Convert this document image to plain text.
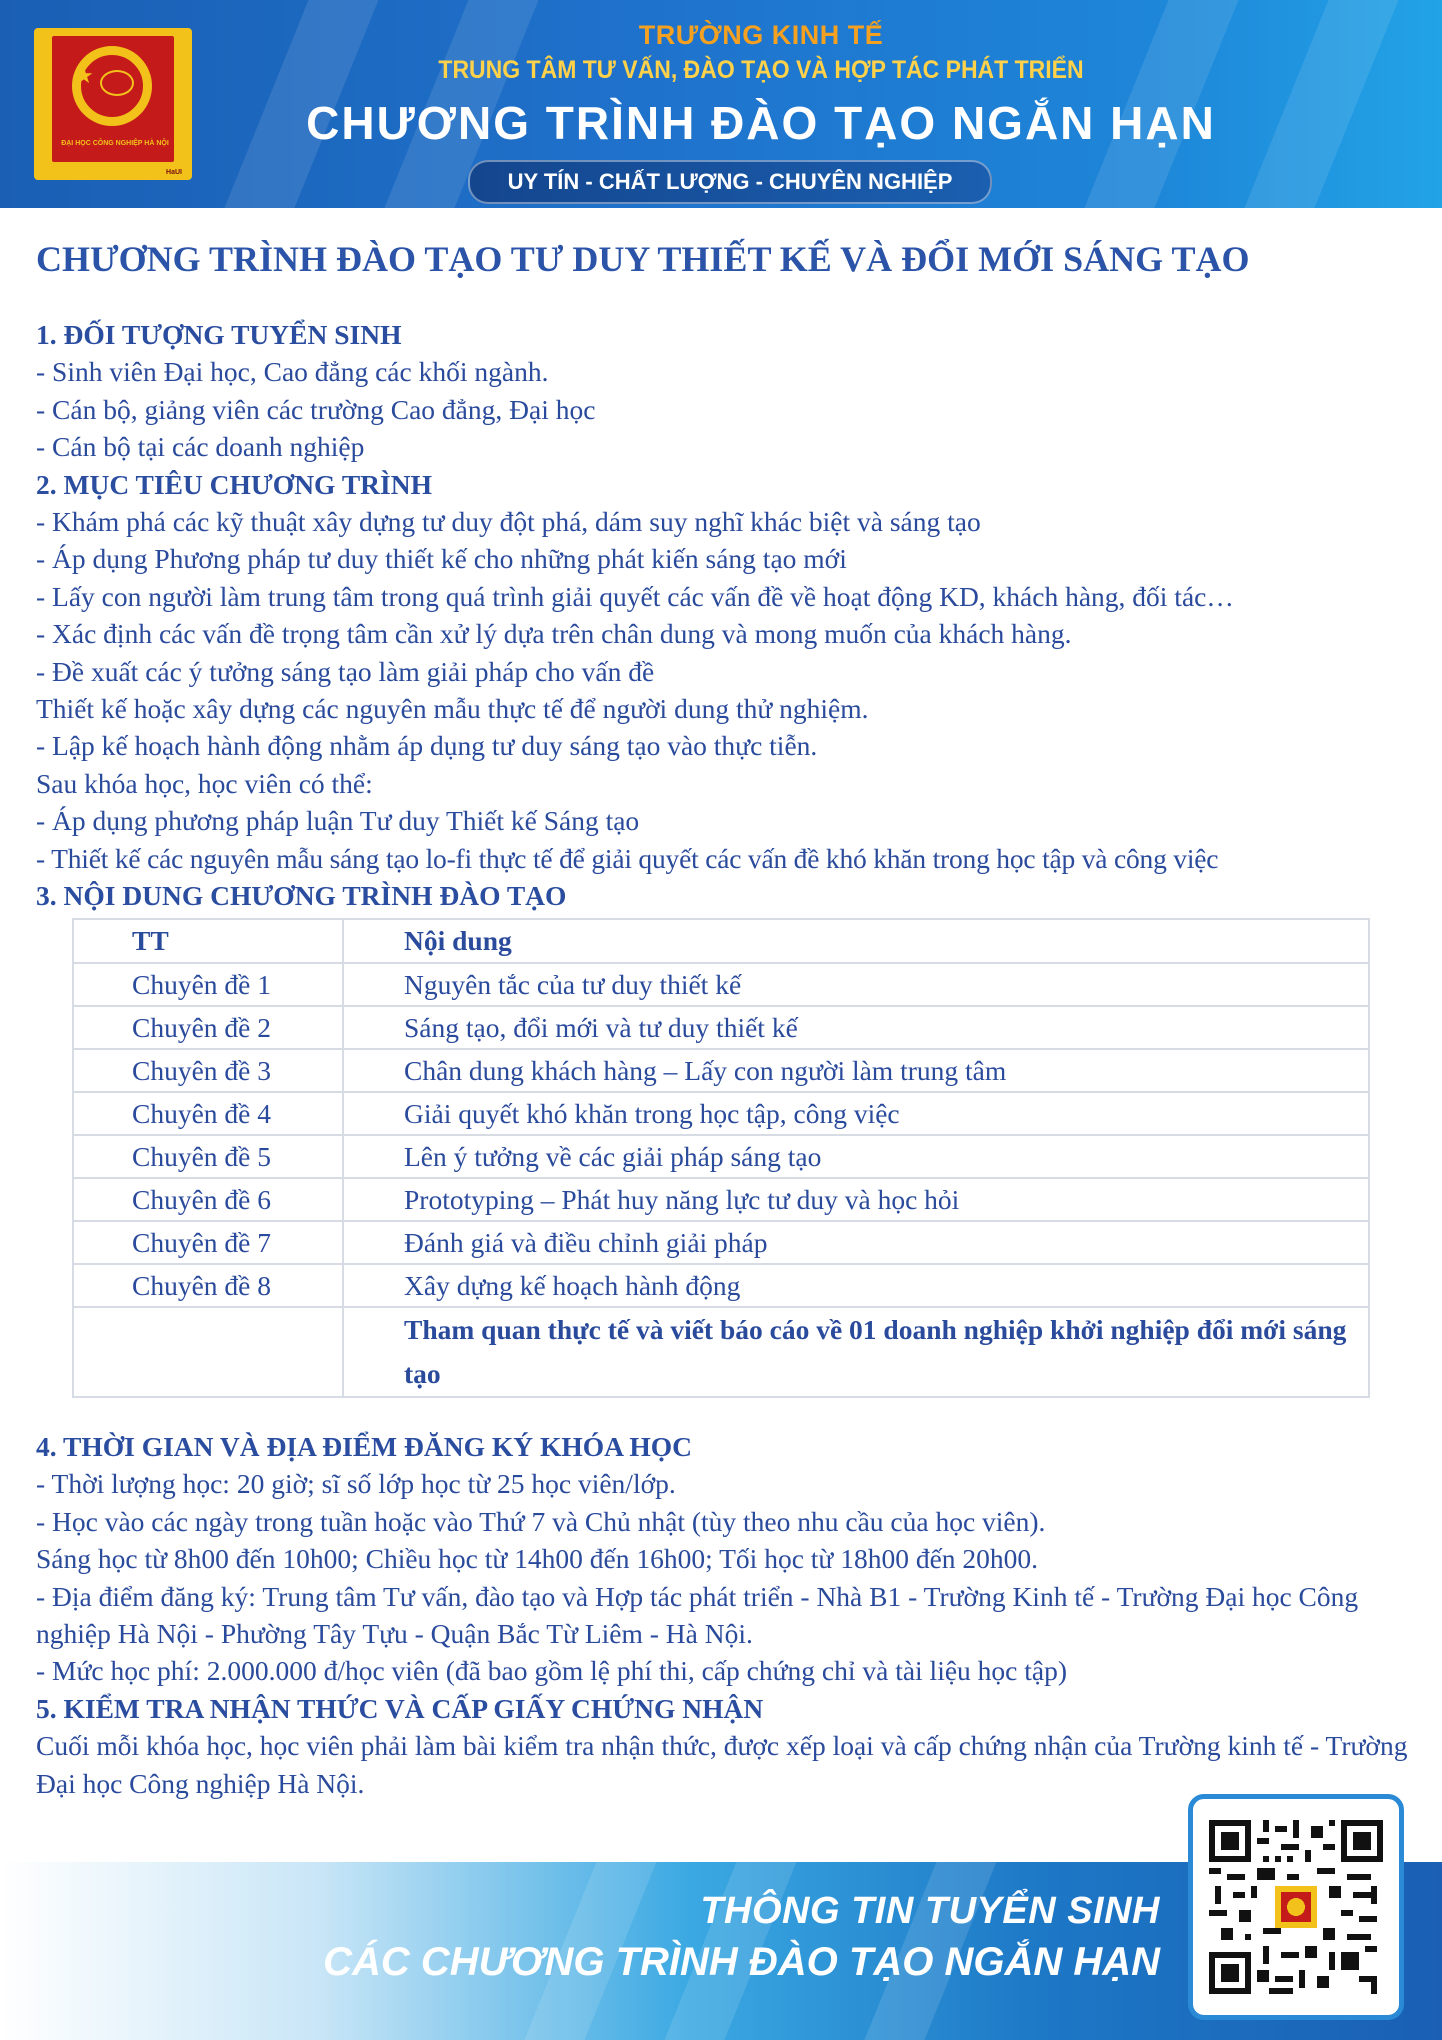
★
ĐẠI HỌC CÔNG NGHIỆP HÀ NỘI
HaUI
TRƯỜNG KINH TẾ
TRUNG TÂM TƯ VẤN, ĐÀO TẠO VÀ HỢP TÁC PHÁT TRIỂN
CHƯƠNG TRÌNH ĐÀO TẠO NGẮN HẠN
UY TÍN - CHẤT LƯỢNG - CHUYÊN NGHIỆP
CHƯƠNG TRÌNH ĐÀO TẠO TƯ DUY THIẾT KẾ VÀ ĐỔI MỚI SÁNG TẠO
1. ĐỐI TƯỢNG TUYỂN SINH
- Sinh viên Đại học, Cao đẳng các khối ngành.
- Cán bộ, giảng viên các trường Cao đẳng, Đại học
- Cán bộ tại các doanh nghiệp
2. MỤC TIÊU CHƯƠNG TRÌNH
- Khám phá các kỹ thuật xây dựng tư duy đột phá, dám suy nghĩ khác biệt và sáng tạo
- Áp dụng Phương pháp tư duy thiết kế cho những phát kiến sáng tạo mới
- Lấy con người làm trung tâm trong quá trình giải quyết các vấn đề về hoạt động KD, khách hàng, đối tác…
- Xác định các vấn đề trọng tâm cần xử lý dựa trên chân dung và mong muốn của khách hàng.
- Đề xuất các ý tưởng sáng tạo làm giải pháp cho vấn đề
Thiết kế hoặc xây dựng các nguyên mẫu thực tế để người dung thử nghiệm.
- Lập kế hoạch hành động nhằm áp dụng tư duy sáng tạo vào thực tiễn.
Sau khóa học, học viên có thể:
- Áp dụng phương pháp luận Tư duy Thiết kế Sáng tạo
- Thiết kế các nguyên mẫu sáng tạo lo-fi thực tế để giải quyết các vấn đề khó khăn trong học tập và công việc
3. NỘI DUNG CHƯƠNG TRÌNH ĐÀO TẠO
TT	Nội dung
Chuyên đề 1	Nguyên tắc của tư duy thiết kế
Chuyên đề 2	Sáng tạo, đổi mới và tư duy thiết kế
Chuyên đề 3	Chân dung khách hàng – Lấy con người làm trung tâm
Chuyên đề 4	Giải quyết khó khăn trong học tập, công việc
Chuyên đề 5	Lên ý tưởng về các giải pháp sáng tạo
Chuyên đề 6	Prototyping – Phát huy năng lực tư duy và học hỏi
Chuyên đề 7	Đánh giá và điều chỉnh giải pháp
Chuyên đề 8	Xây dựng kế hoạch hành động
	Tham quan thực tế và viết báo cáo về 01 doanh nghiệp khởi nghiệp đổi mới sáng tạo
4. THỜI GIAN VÀ ĐỊA ĐIỂM ĐĂNG KÝ KHÓA HỌC
- Thời lượng học: 20 giờ; sĩ số lớp học từ 25 học viên/lớp.
- Học vào các ngày trong tuần hoặc vào Thứ 7 và Chủ nhật (tùy theo nhu cầu của học viên).
Sáng học từ 8h00 đến 10h00; Chiều học từ 14h00 đến 16h00; Tối học từ 18h00 đến 20h00.
- Địa điểm đăng ký: Trung tâm Tư vấn, đào tạo và Hợp tác phát triển - Nhà B1 - Trường Kinh tế - Trường Đại học Công nghiệp Hà Nội - Phường Tây Tựu - Quận Bắc Từ Liêm - Hà Nội.
- Mức học phí: 2.000.000 đ/học viên (đã bao gồm lệ phí thi, cấp chứng chỉ và tài liệu học tập)
5. KIỂM TRA NHẬN THỨC VÀ CẤP GIẤY CHỨNG NHẬN
Cuối mỗi khóa học, học viên phải làm bài kiểm tra nhận thức, được xếp loại và cấp chứng nhận của Trường kinh tế - Trường Đại học Công nghiệp Hà Nội.
THÔNG TIN TUYỂN SINH
CÁC CHƯƠNG TRÌNH ĐÀO TẠO NGẮN HẠN
